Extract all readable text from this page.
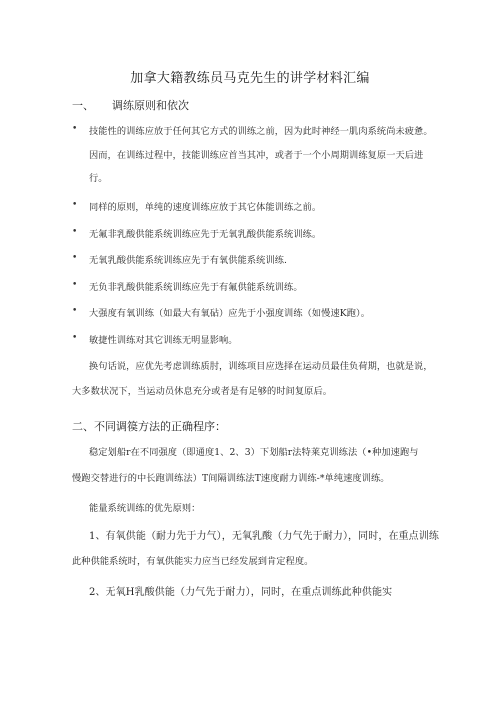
加拿大籍教练员马克先生的讲学材料汇编
一、 调练原则和依次
• 技能性的训练应放于任何其它方式的训练之前，因为此时神经一肌肉系统尚未疲惫。
因而，在训练过程中，技能训练应首当其冲，或者于一个小周期训练复原一天后进
行。
• 同样的原则，单纯的速度训练应放于其它体能训练之前。
• 无氟非乳酸供能系统训练应先于无氧乳酸供能系统训练。
• 无氧乳酸供能系统训练应先于有氧供能系统训练.
• 无负非乳酸供能系统训练应先于有氟供能系统训练。
• 大强度有氧训练（如最大有氧砧）应先于小强度训练（如慢速K跑）。
• 敏捷性训练对其它训练无明显影响。
换句话说，应优先考虑训练质肘，训练项目应选择在运动员最佳负荷期，也就是说，
大多数状况下，当运动员休息充分或者是有足够的时间复原后。
二、不同调篌方法的正确程序：
稳定划船r在不同强度（即通度1、2、3）下划船r法特莱克训练法（•种加速跑与
慢跑交替进行的中长跑训练法）T间隔训练法T速度耐力训练-*单纯速度训练。
能量系统训练的优先原则：
1、有氧供能（耐力先于力气），无氧乳酸（力气先于耐力），同时，在重点训练
此种供能系统时，有氧供能实力应当已经发展到肯定程度。
2、无氧H乳酸供能（力气先于耐力），同时，在重点训练此种供能实
